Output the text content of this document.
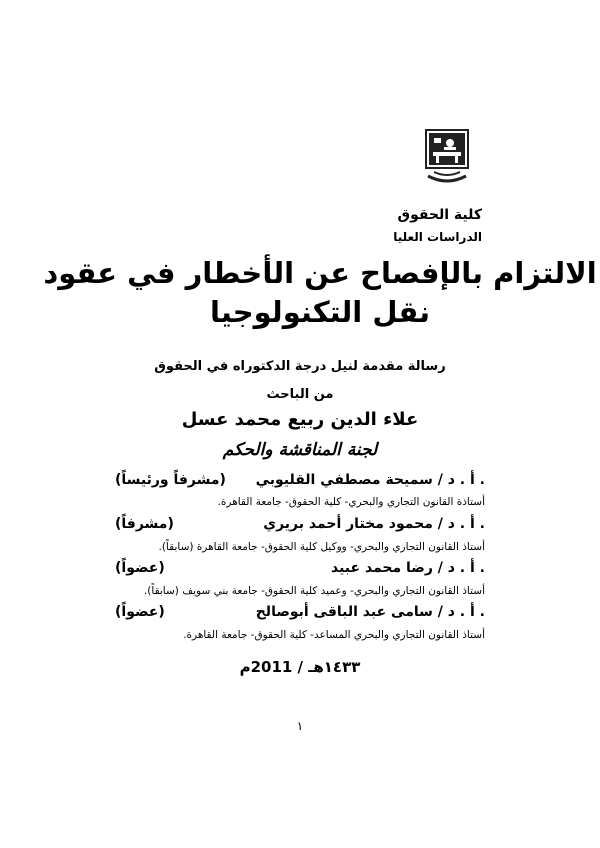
كلية الحقوق
الدراسات العليا
الالتزام بالإفصاح عن الأخطار في عقود
نقل التكنولوجيا
رسالة مقدمة لنيل درجة الدكتوراه في الحقوق
من الباحث
علاء الدين ربيع محمد عسل
لجنة المناقشة والحكم
. أ . د / سميحة مصطفي القليوبي
(مشرفاً ورئيساً)
أستاذة القانون التجاري والبحري- كلية الحقوق- جامعة القاهرة.
. أ . د / محمود مختار أحمد بريري
(مشرفاً)
أستاذ القانون التجاري والبحري- ووكيل كلية الحقوق- جامعة القاهرة (سابقاً).
. أ . د / رضا محمد عبيد
(عضواً)
أستاذ القانون التجاري والبحري- وعميد كلية الحقوق- جامعة بني سويف (سابقاً).
. أ . د / سامى عبد الباقى أبوصالح
(عضواً)
أستاذ القانون التجاري والبحري المساعد- كلية الحقوق- جامعة القاهرة.
١٤٣٣هـ / 2011م
١
